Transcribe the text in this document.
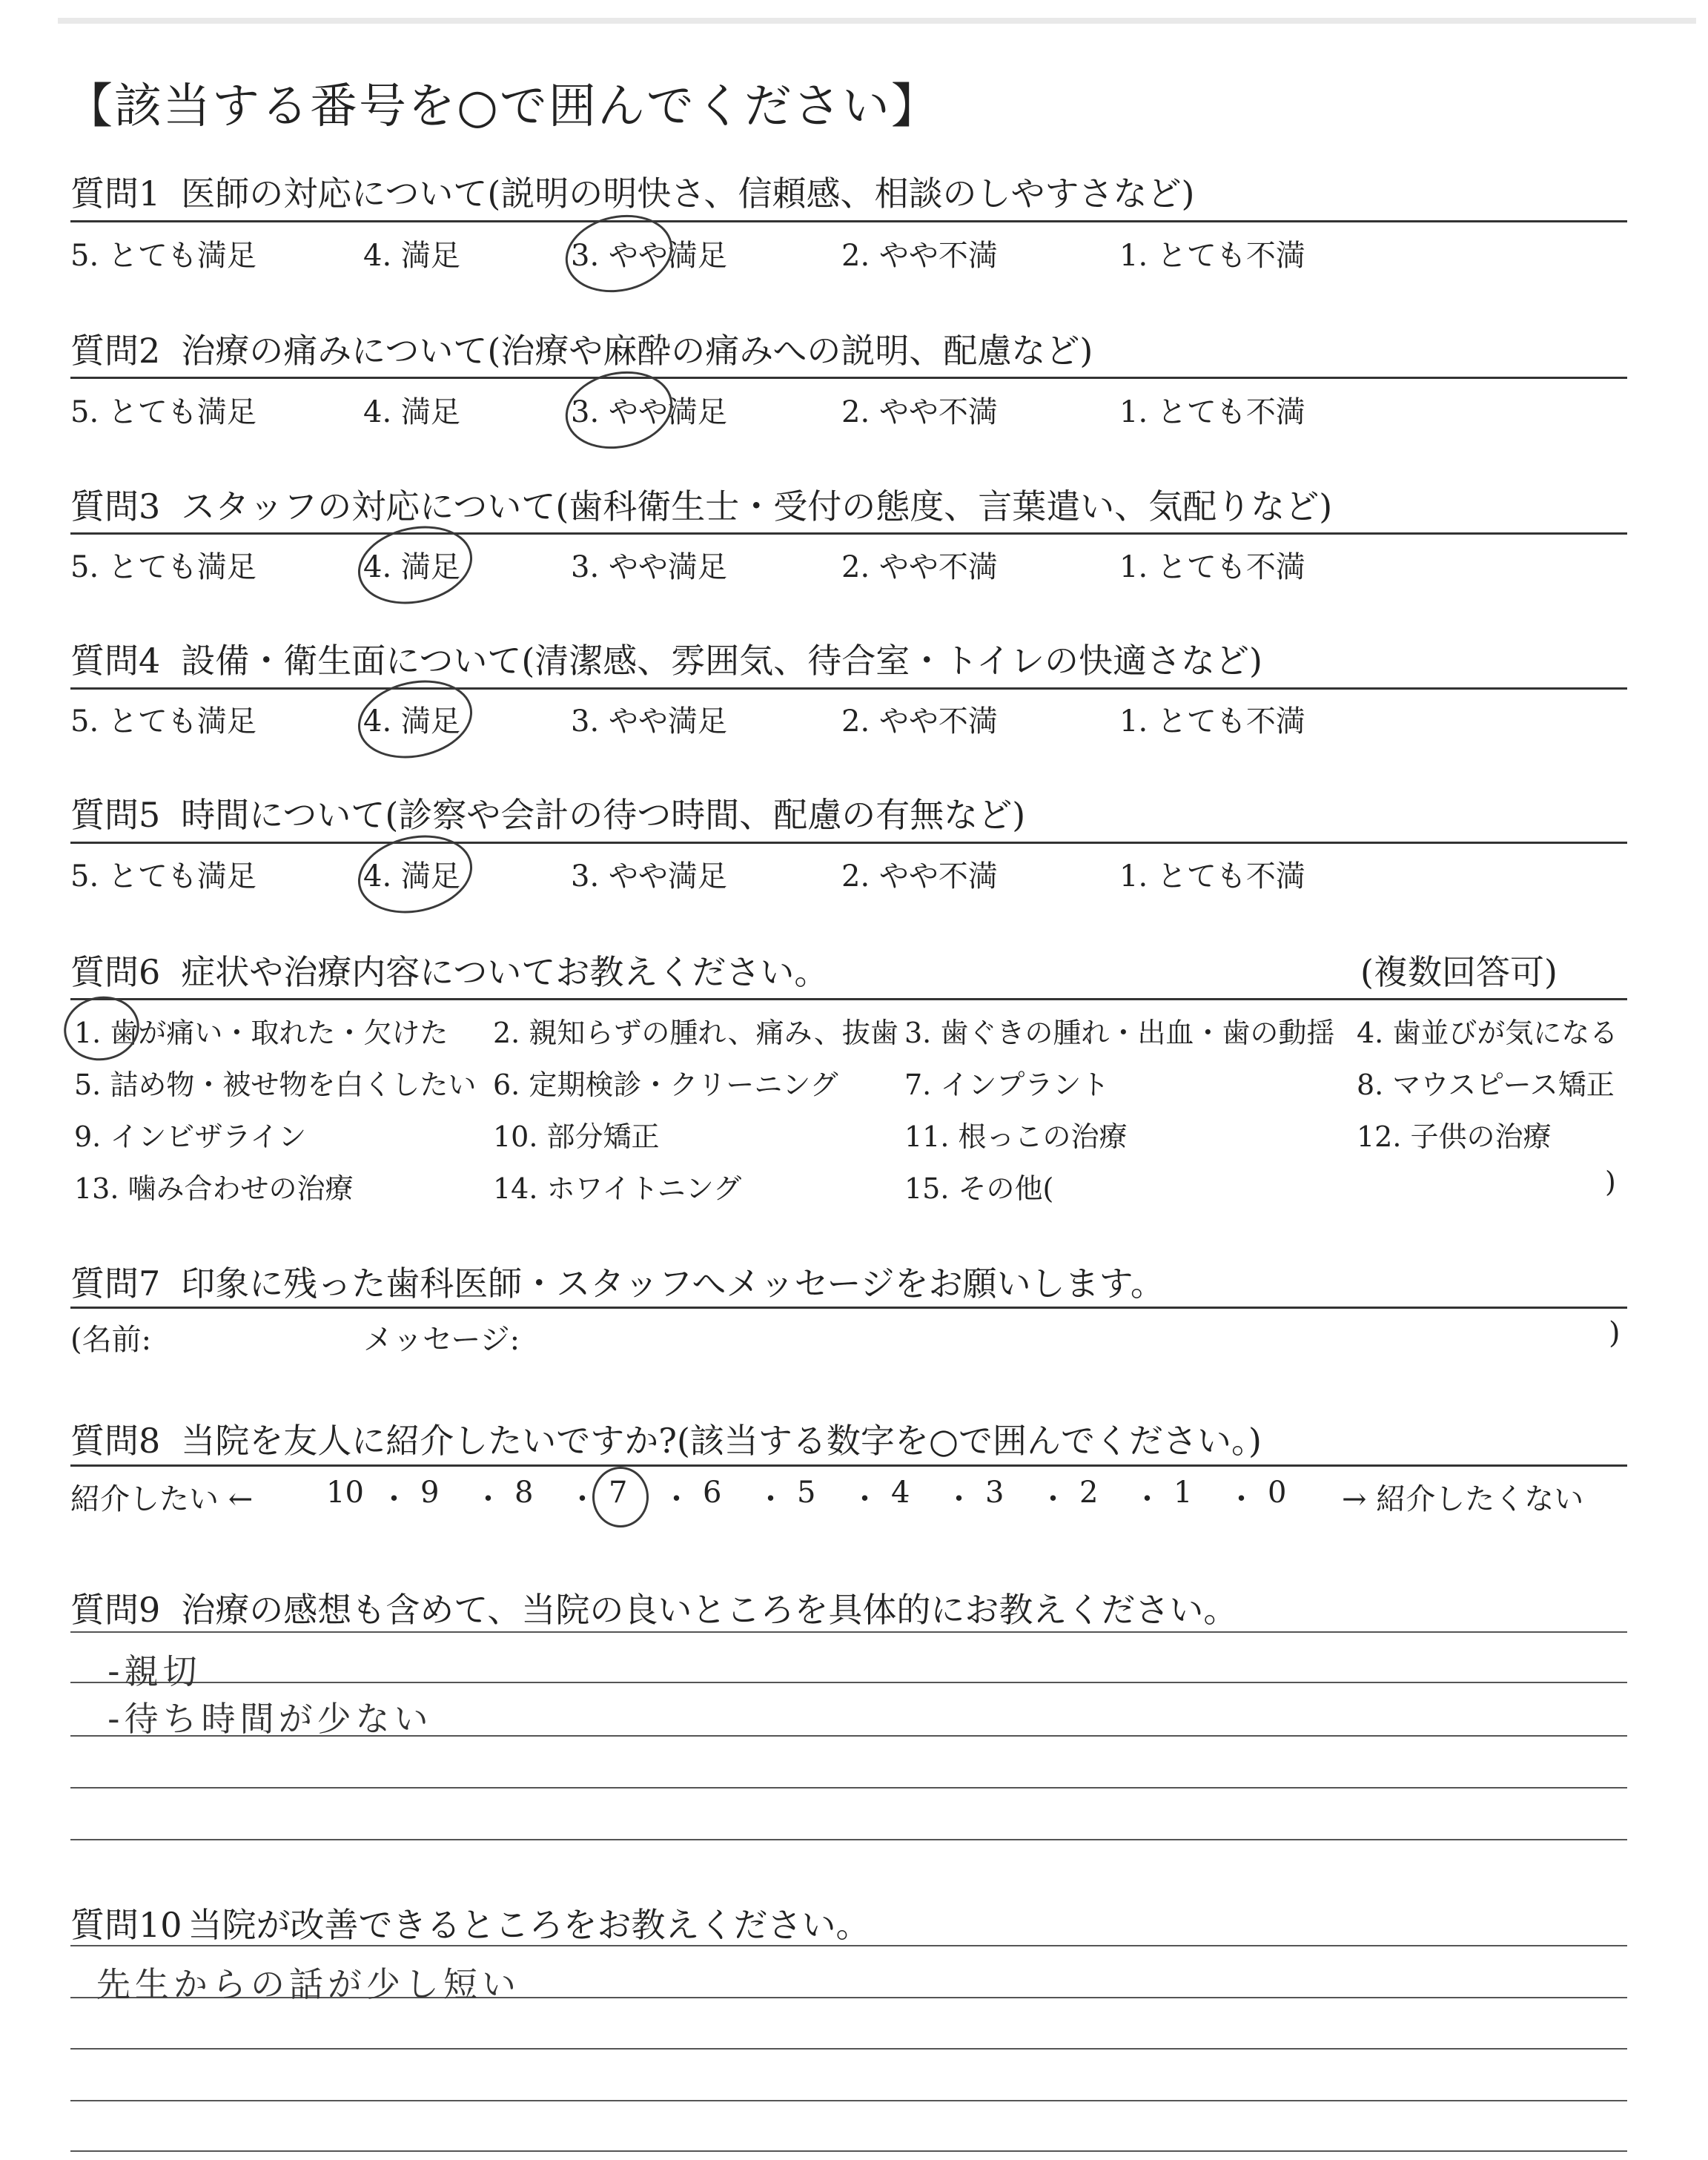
【該当する番号を○で囲んでください】
質問1 医師の対応について(説明の明快さ、信頼感、相談のしやすさなど)
質問2 治療の痛みについて(治療や麻酔の痛みへの説明、配慮など)
質問3 スタッフの対応について(歯科衛生士・受付の態度、言葉遣い、気配りなど)
質問4 設備・衛生面について(清潔感、雰囲気、待合室・トイレの快適さなど)
質問5 時間について(診察や会計の待つ時間、配慮の有無など)
5. とても満足	4. 満足	3. やや満足	2. やや不満	1. とても不満
5. とても満足	4. 満足	3. やや満足	2. やや不満	1. とても不満
5. とても満足	4. 満足	3. やや満足	2. やや不満	1. とても不満
5. とても満足	4. 満足	3. やや満足	2. やや不満	1. とても不満
5. とても満足	4. 満足	3. やや満足	2. やや不満	1. とても不満
質問6 症状や治療内容についてお教えください。	(複数回答可)
1. 歯が痛い・取れた・欠けた 2. 親知らずの腫れ、痛み、抜歯 3. 歯ぐきの腫れ・出血・歯の動揺 4. 歯並びが気になる
5. 詰め物・被せ物を白くしたい 6. 定期検診・クリーニング 7. インプラント	8. マウスピース矯正
9. インビザライン	10. 部分矯正	11. 根っこの治療	12. 子供の治療
13. 噛み合わせの治療	14. ホワイトニング	15. その他(	)
質問7 印象に残った歯科医師・スタッフへメッセージをお願いします。
(名前:	メッセージ:	)
質問8 当院を友人に紹介したいですか?(該当する数字を○で囲んでください。)
紹介したい ← 10 ・ 9 ・ 8 ・ 7 ・ 6 ・ 5 ・ 4 ・ 3 ・ 2 ・ 1 ・ 0 → 紹介したくない
質問9 治療の感想も含めて、当院の良いところを具体的にお教えください。
-親切
-待ち時間が少ない
質問10 当院が改善できるところをお教えください。
先生からの話が少し短い
